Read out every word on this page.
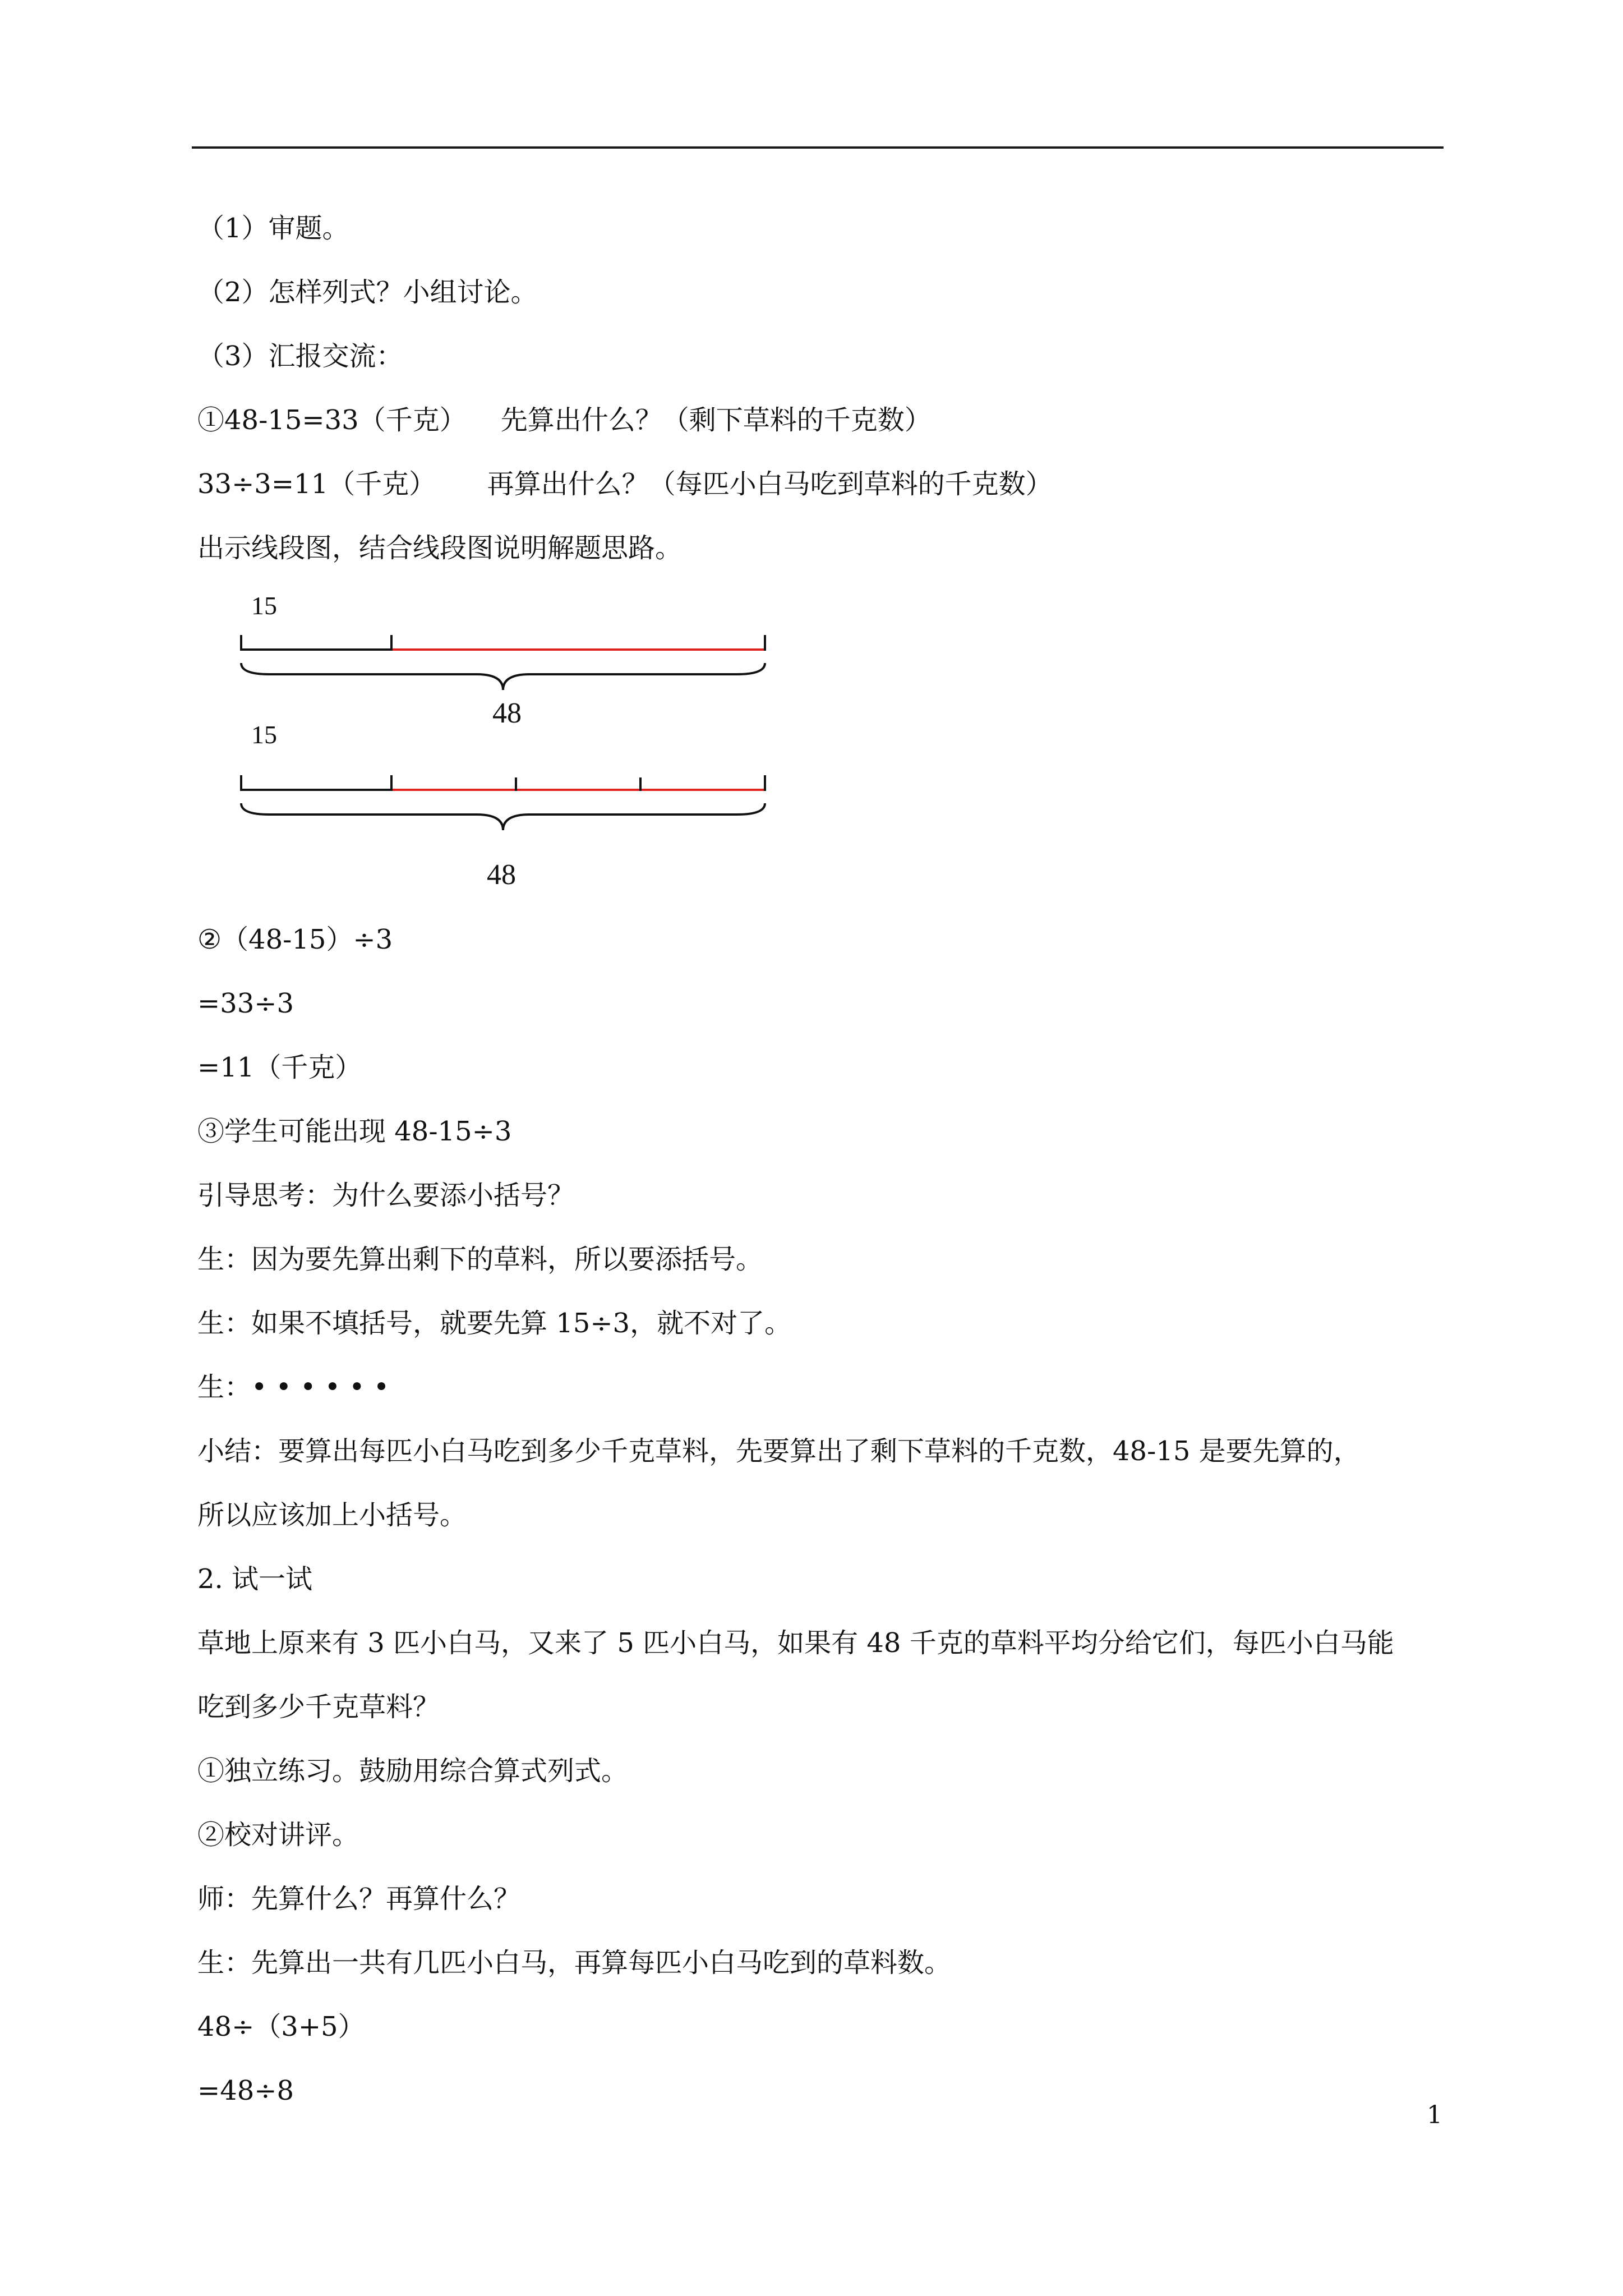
（1）审题。
（2）怎样列式？小组讨论。
（3）汇报交流：
①48-15=33（千克）    先算出什么？（剩下草料的千克数）
33÷3=11（千克）      再算出什么？（每匹小白马吃到草料的千克数）
出示线段图，结合线段图说明解题思路。
15
48
15
48
②（48-15）÷3
=33÷3
=11（千克）
③学生可能出现 48-15÷3
引导思考：为什么要添小括号？
生：因为要先算出剩下的草料，所以要添括号。
生：如果不填括号，就要先算 15÷3，就不对了。
生：• • • • • •
小结：要算出每匹小白马吃到多少千克草料，先要算出了剩下草料的千克数，48-15 是要先算的，
所以应该加上小括号。
2. 试一试
草地上原来有 3 匹小白马，又来了 5 匹小白马，如果有 48 千克的草料平均分给它们，每匹小白马能
吃到多少千克草料？
①独立练习。鼓励用综合算式列式。
②校对讲评。
师：先算什么？再算什么？
生：先算出一共有几匹小白马，再算每匹小白马吃到的草料数。
48÷（3+5）
=48÷8
1
